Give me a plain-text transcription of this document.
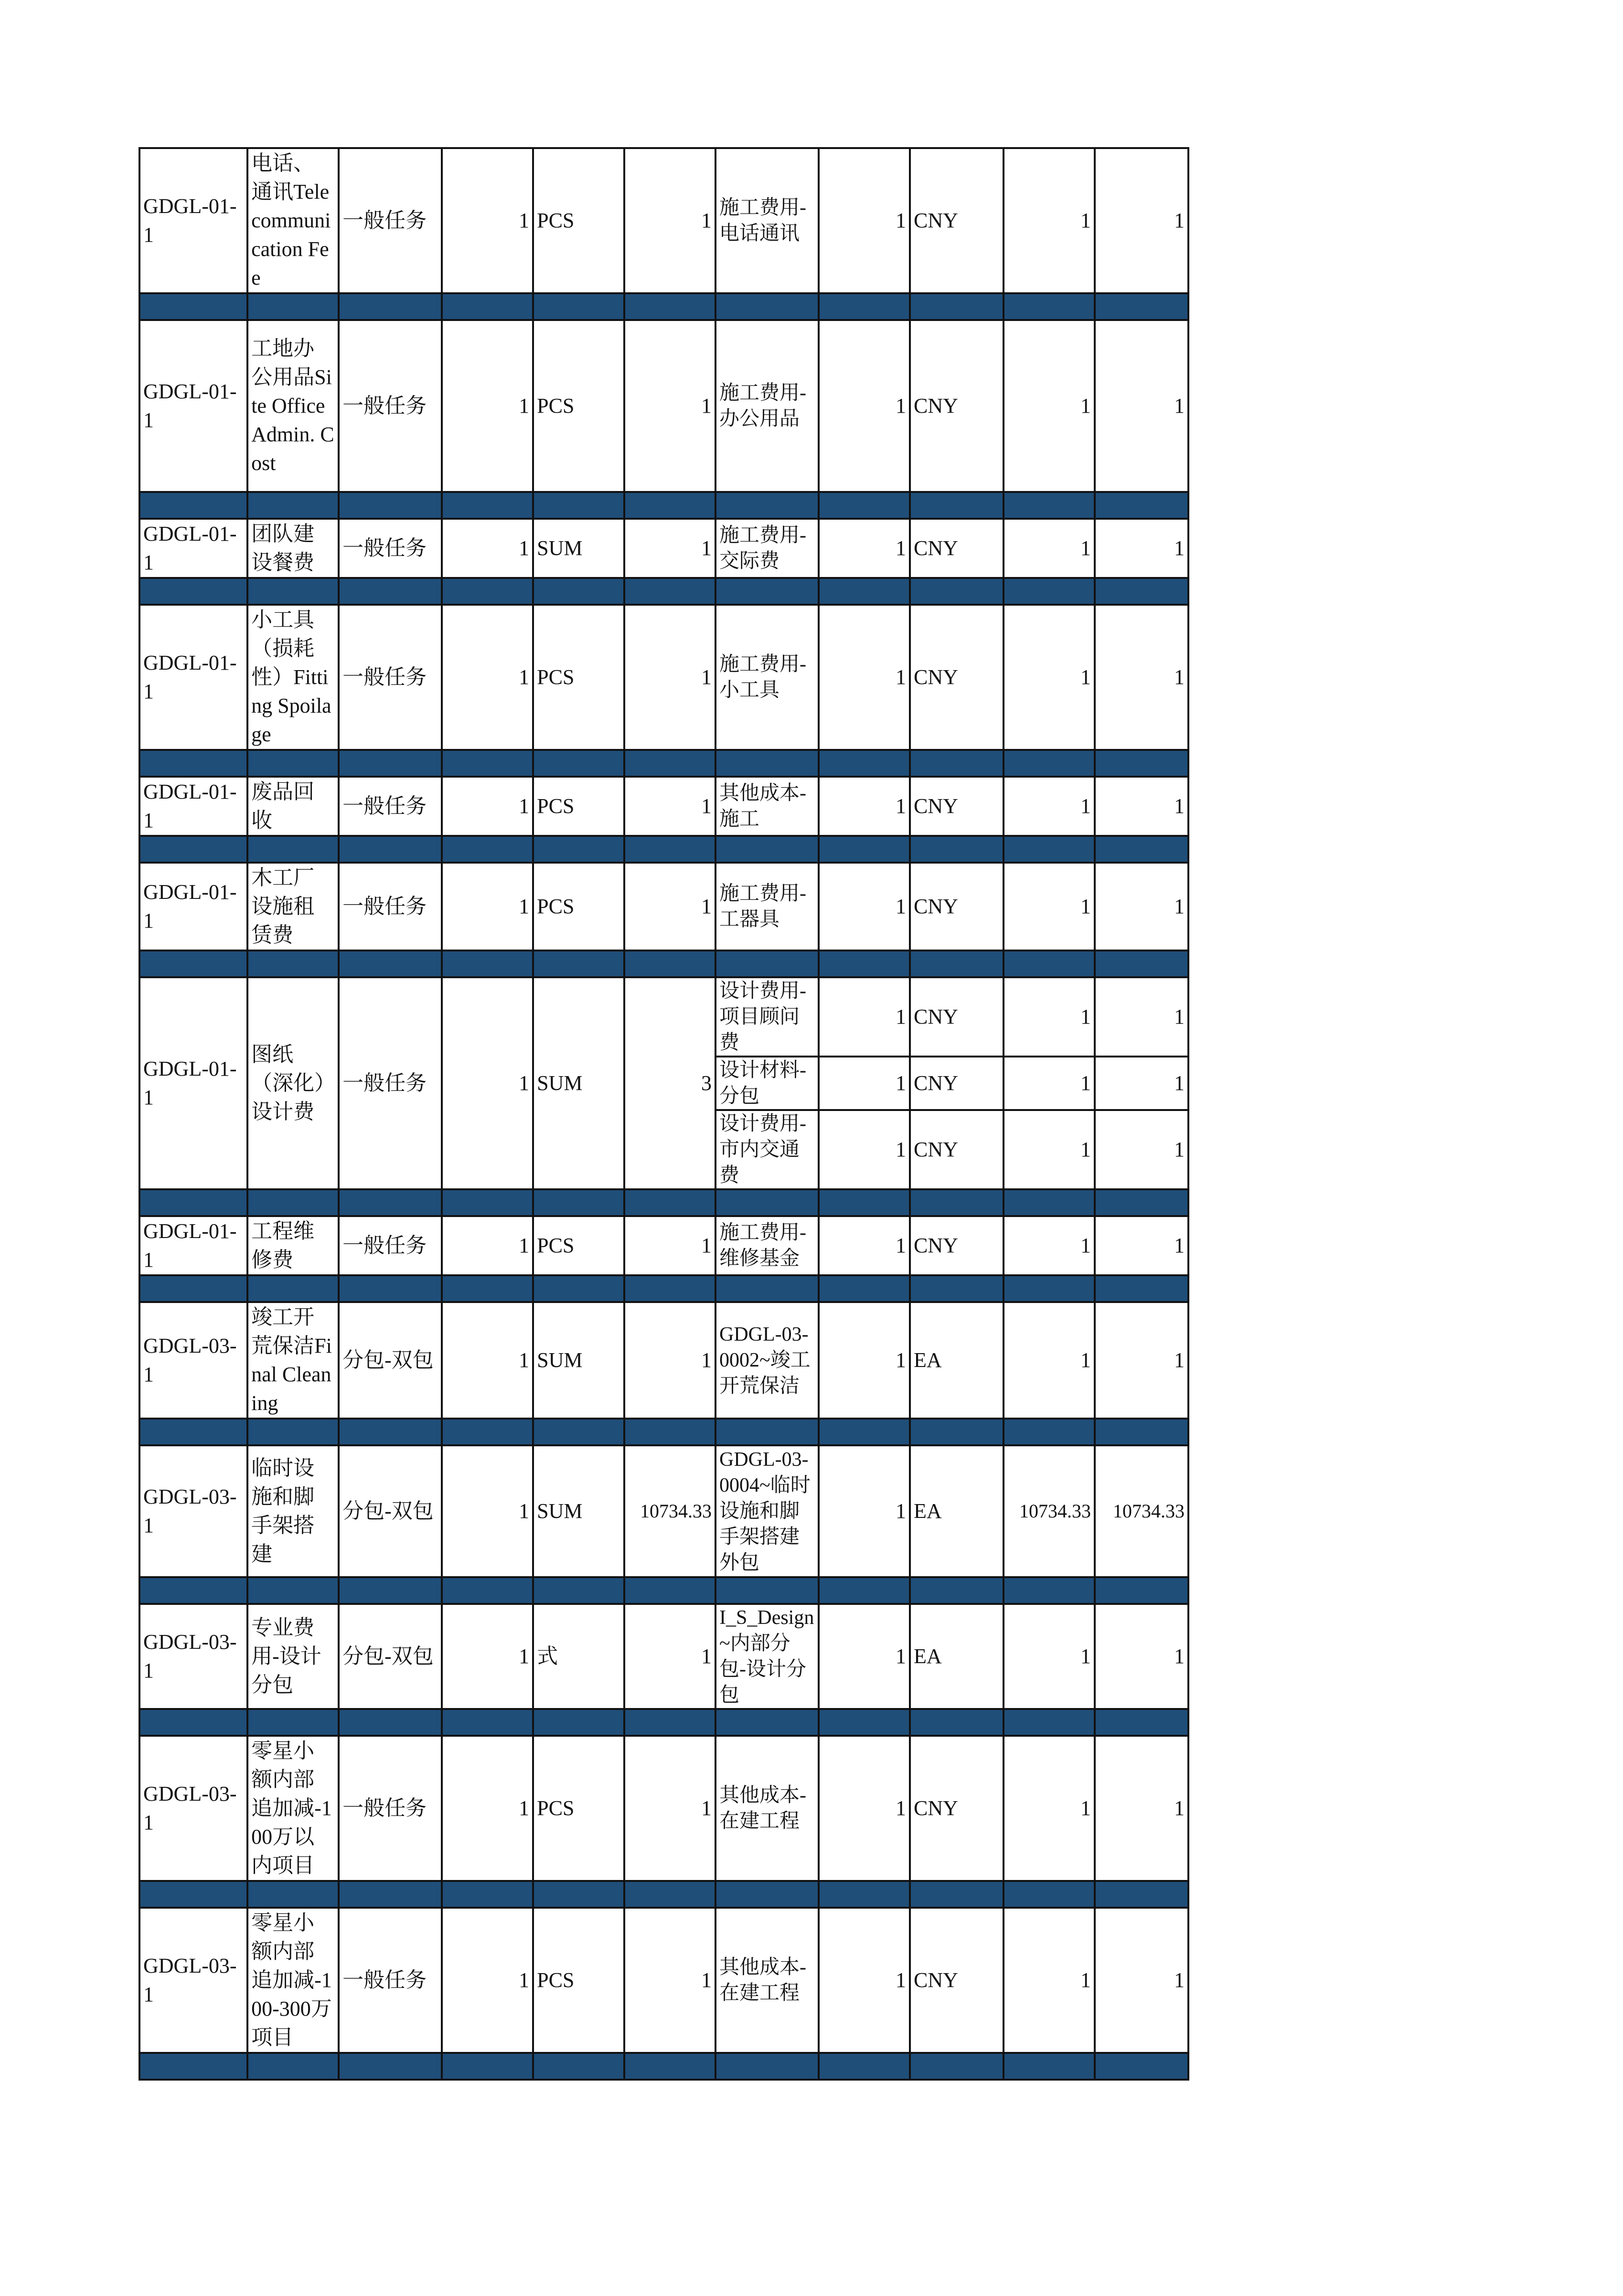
GDGL-01-1	电话、通讯Telecommunication Fee	一般任务	1	PCS	1	施工费用-电话通讯	1	CNY	1	1

GDGL-01-1	工地办公用品Site Office Admin. Cost	一般任务	1	PCS	1	施工费用-办公用品	1	CNY	1	1

GDGL-01-1	团队建设餐费	一般任务	1	SUM	1	施工费用-交际费	1	CNY	1	1

GDGL-01-1	小工具（损耗性）Fitting Spoilage	一般任务	1	PCS	1	施工费用-小工具	1	CNY	1	1

GDGL-01-1	废品回收	一般任务	1	PCS	1	其他成本-施工	1	CNY	1	1

GDGL-01-1	木工厂设施租赁费	一般任务	1	PCS	1	施工费用-工器具	1	CNY	1	1

GDGL-01-1	图纸（深化）设计费	一般任务	1	SUM	3	设计费用-项目顾问费	1	CNY	1	1
						设计材料-分包	1	CNY	1	1
						设计费用-市内交通费	1	CNY	1	1

GDGL-01-1	工程维修费	一般任务	1	PCS	1	施工费用-维修基金	1	CNY	1	1

GDGL-03-1	竣工开荒保洁Final Cleaning	分包-双包	1	SUM	1	GDGL-03-0002~竣工开荒保洁	1	EA	1	1

GDGL-03-1	临时设施和脚手架搭建	分包-双包	1	SUM	10734.33	GDGL-03-0004~临时设施和脚手架搭建外包	1	EA	10734.33	10734.33

GDGL-03-1	专业费用-设计分包	分包-双包	1	式	1	I_S_Design~内部分包-设计分包	1	EA	1	1

GDGL-03-1	零星小额内部追加减-100万以内项目	一般任务	1	PCS	1	其他成本-在建工程	1	CNY	1	1

GDGL-03-1	零星小额内部追加减-100-300万项目	一般任务	1	PCS	1	其他成本-在建工程	1	CNY	1	1
